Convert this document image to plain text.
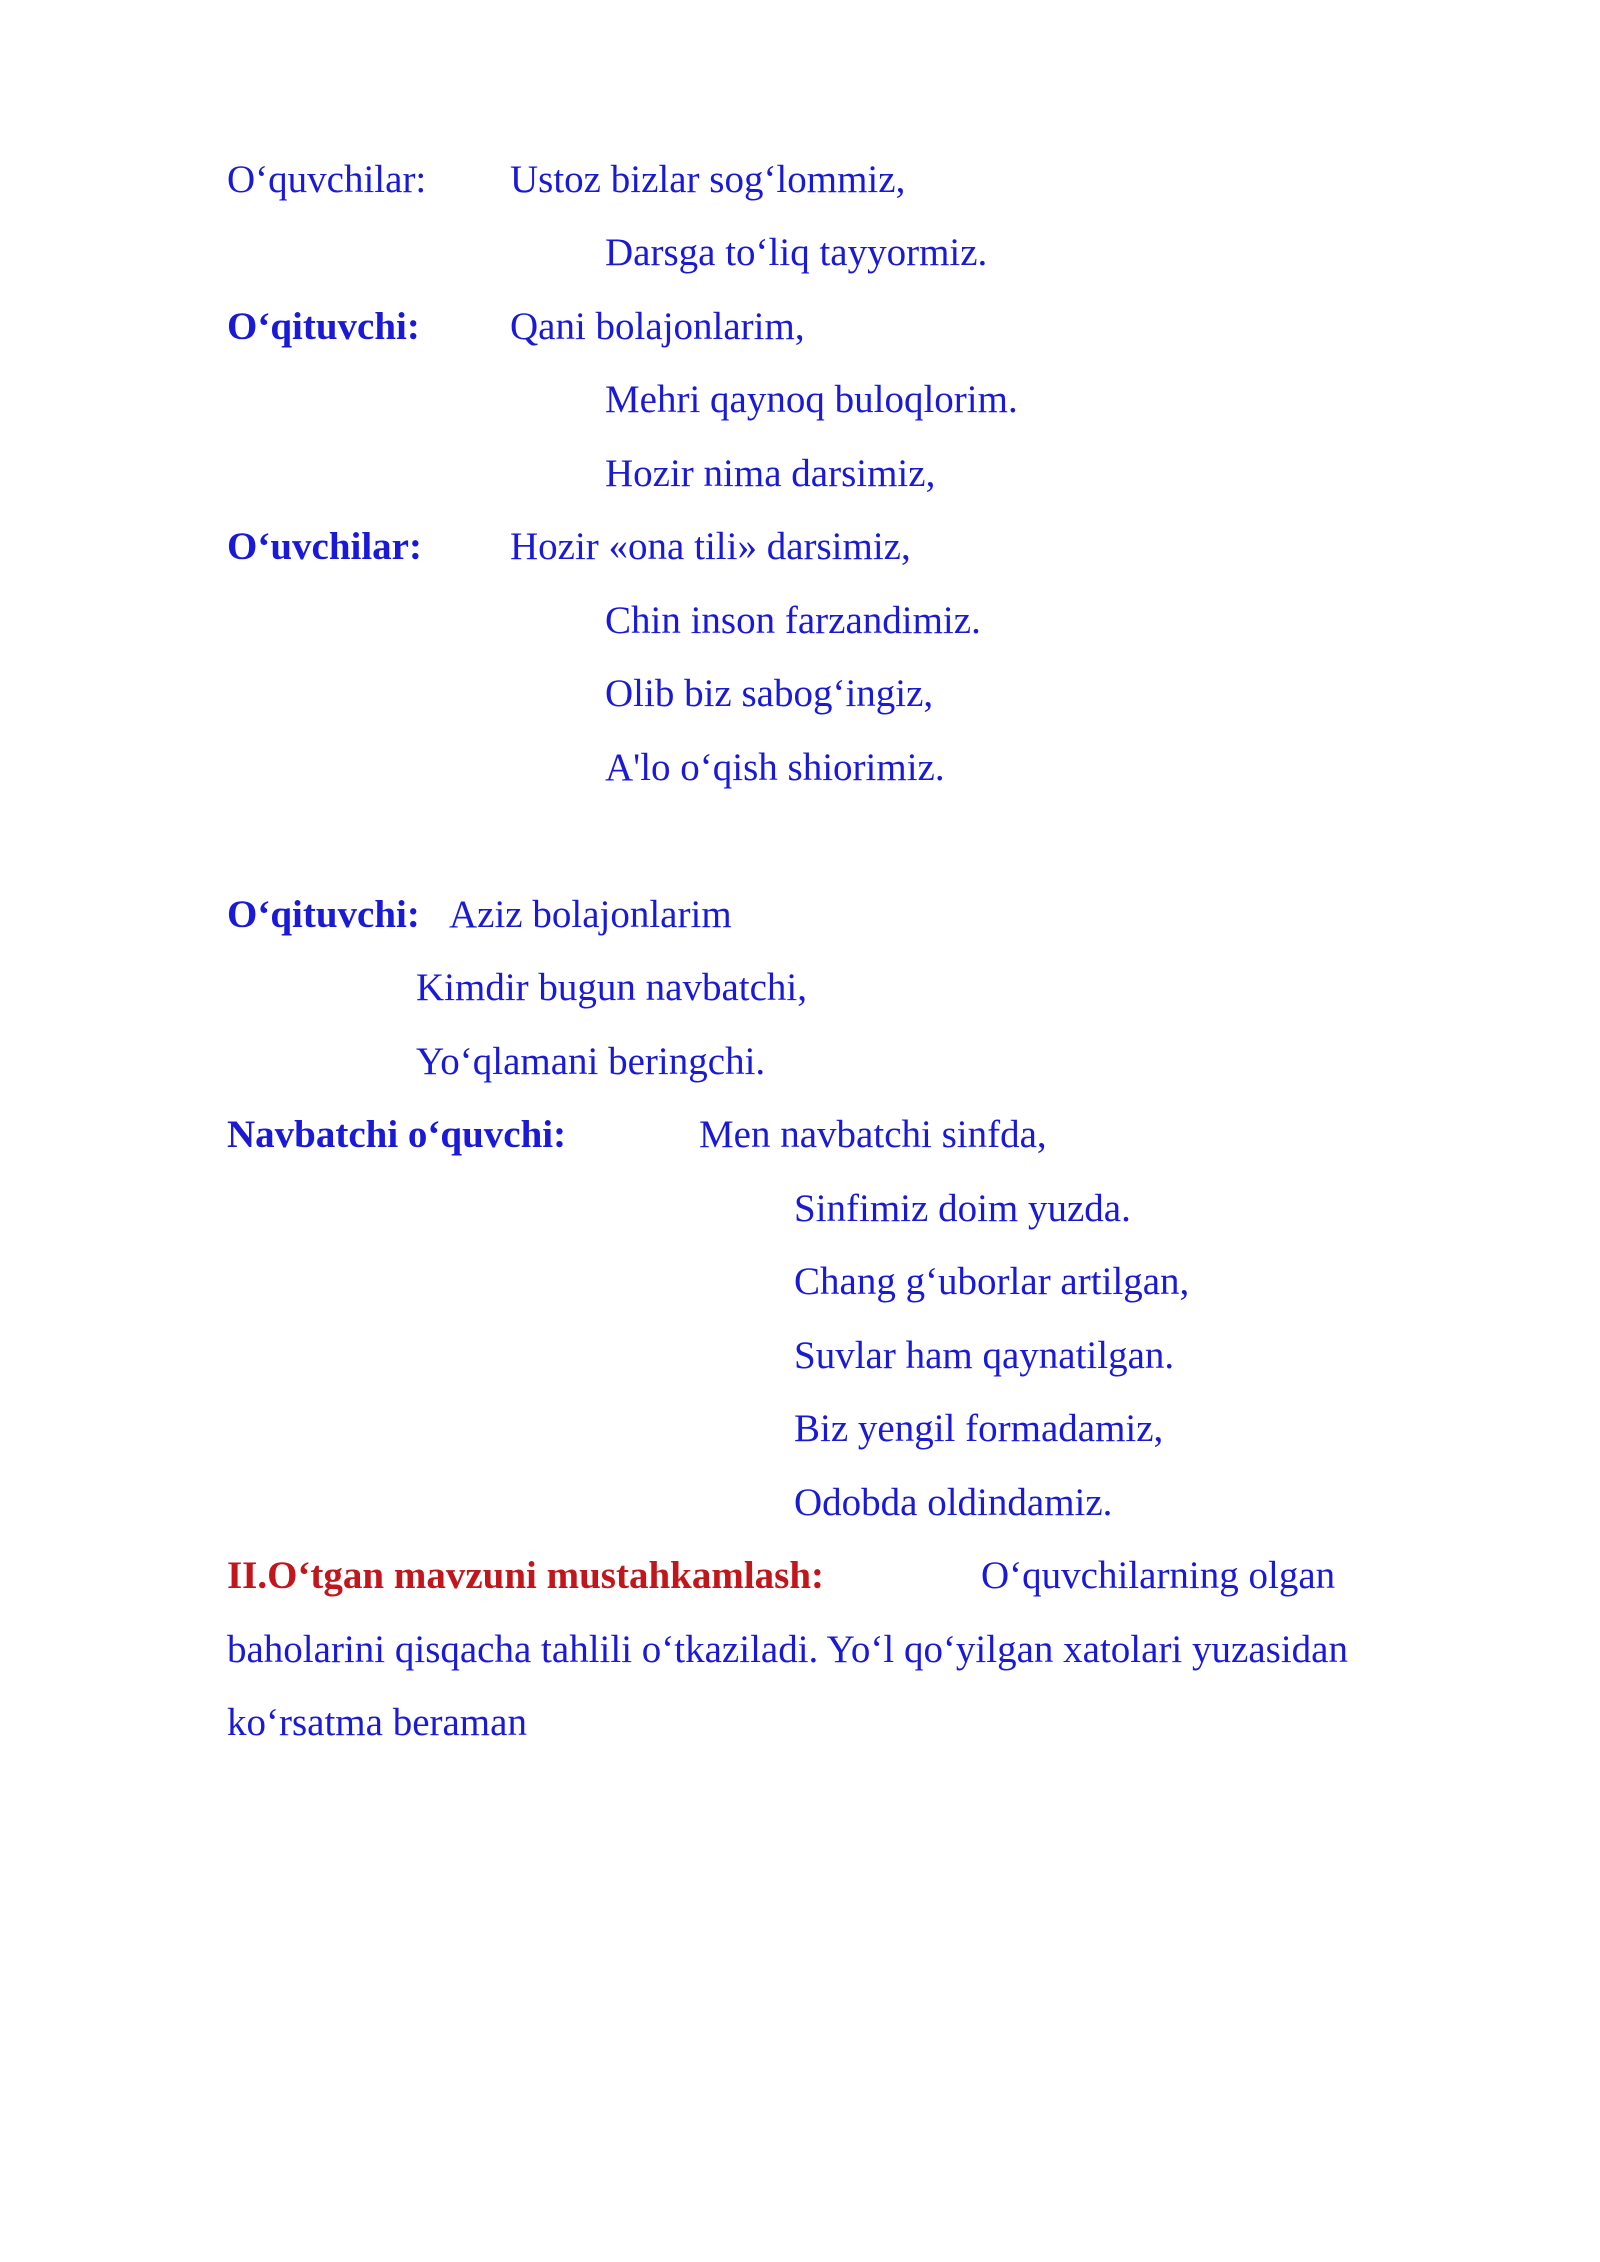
O‘quvchilar: Ustoz bizlar sog‘lommiz,
Darsga to‘liq tayyormiz.
O‘qituvchi: Qani bolajonlarim,
Mehri qaynoq buloqlorim.
Hozir nima darsimiz,
O‘uvchilar: Hozir «ona tili» darsimiz,
Chin inson farzandimiz.
Olib biz sabog‘ingiz,
A'lo o‘qish shiorimiz.
O‘qituvchi: Aziz bolajonlarim
Kimdir bugun navbatchi,
Yo‘qlamani beringchi.
Navbatchi o‘quvchi:	Men navbatchi sinfda,
Sinfimiz doim yuzda.
Chang g‘uborlar artilgan,
Suvlar ham qaynatilgan.
Biz yengil formadamiz,
Odobda oldindamiz.
II.O‘tgan mavzuni mustahkamlash:	O‘quvchilarning olgan
baholarini qisqacha tahlili o‘tkaziladi. Yo‘l qo‘yilgan xatolari yuzasidan
ko‘rsatma beraman
